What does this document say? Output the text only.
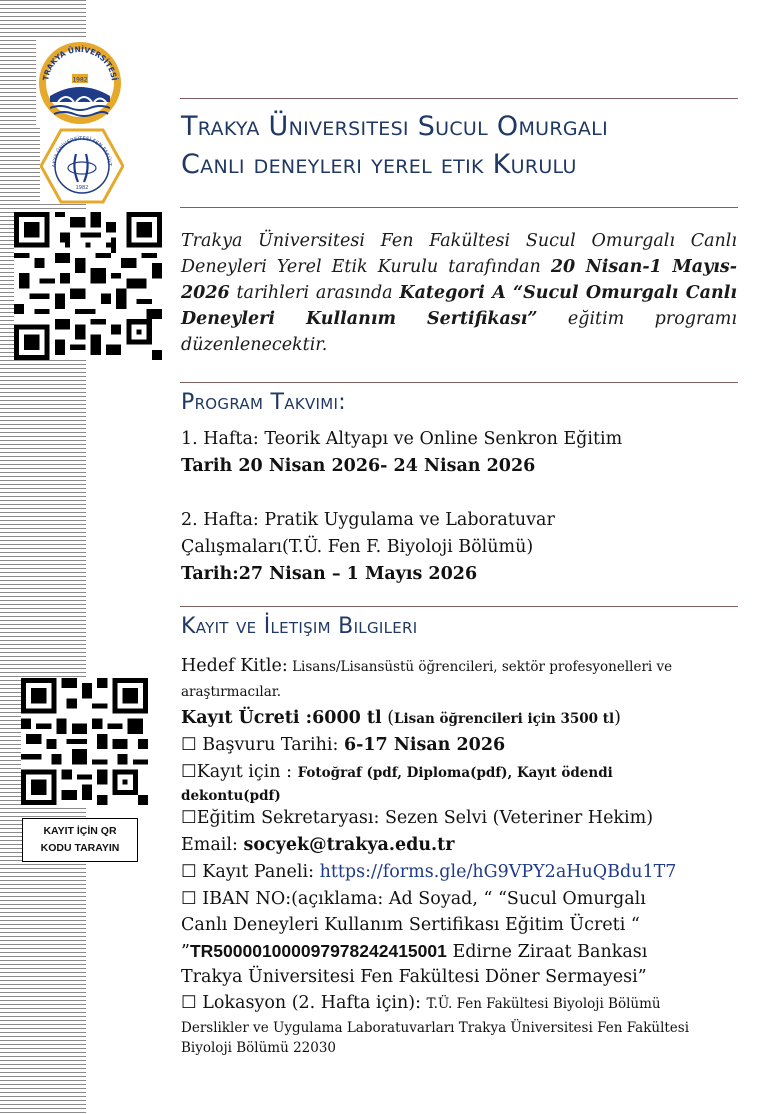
TRAKYA ÜNİVERSİTESİ
1982
AKYA ÜNİVERSİTESİ FEN FAKÜLT
1982
KAYIT İÇİN QR
KODU TARAYIN
Trakya Üniversitesi Sucul Omurgalı
Canlı deneyleri yerel etik Kurulu
Trakya Üniversitesi Fen Fakültesi Sucul Omurgalı Canlı Deneyleri Yerel Etik Kurulu tarafından 20 Nisan-1 Mayıs-2026 tarihleri arasında Kategori A “Sucul Omurgalı Canlı Deneyleri Kullanım Sertifikası” eğitim programı düzenlenecektir.
Program Takvimi:
1. Hafta: Teorik Altyapı ve Online Senkron Eğitim
Tarih 20 Nisan 2026- 24 Nisan 2026
2. Hafta: Pratik Uygulama ve Laboratuvar
Çalışmaları(T.Ü. Fen F. Biyoloji Bölümü)
Tarih:27 Nisan – 1 Mayıs 2026
Kayıt ve İletişim Bilgileri
Hedef Kitle: Lisans/Lisansüstü öğrencileri, sektör profesyonelleri ve
araştırmacılar.
Kayıt Ücreti :6000 tl (Lisan öğrencileri için 3500 tl)
☐ Başvuru Tarihi: 6-17 Nisan 2026
☐Kayıt için : Fotoğraf (pdf, Diploma(pdf), Kayıt ödendi
dekontu(pdf)
☐Eğitim Sekretaryası: Sezen Selvi (Veteriner Hekim)
Email: socyek@trakya.edu.tr
☐ Kayıt Paneli: https://forms.gle/hG9VPY2aHuQBdu1T7
☐ IBAN NO:(açıklama: Ad Soyad, “ “Sucul Omurgalı
Canlı Deneyleri Kullanım Sertifikası Eğitim Ücreti “
”TR500001000097978242415001 Edirne Ziraat Bankası
Trakya Üniversitesi Fen Fakültesi Döner Sermayesi”
☐ Lokasyon (2. Hafta için): T.Ü. Fen Fakültesi Biyoloji Bölümü
Derslikler ve Uygulama Laboratuvarları Trakya Üniversitesi Fen Fakültesi
Biyoloji Bölümü 22030
